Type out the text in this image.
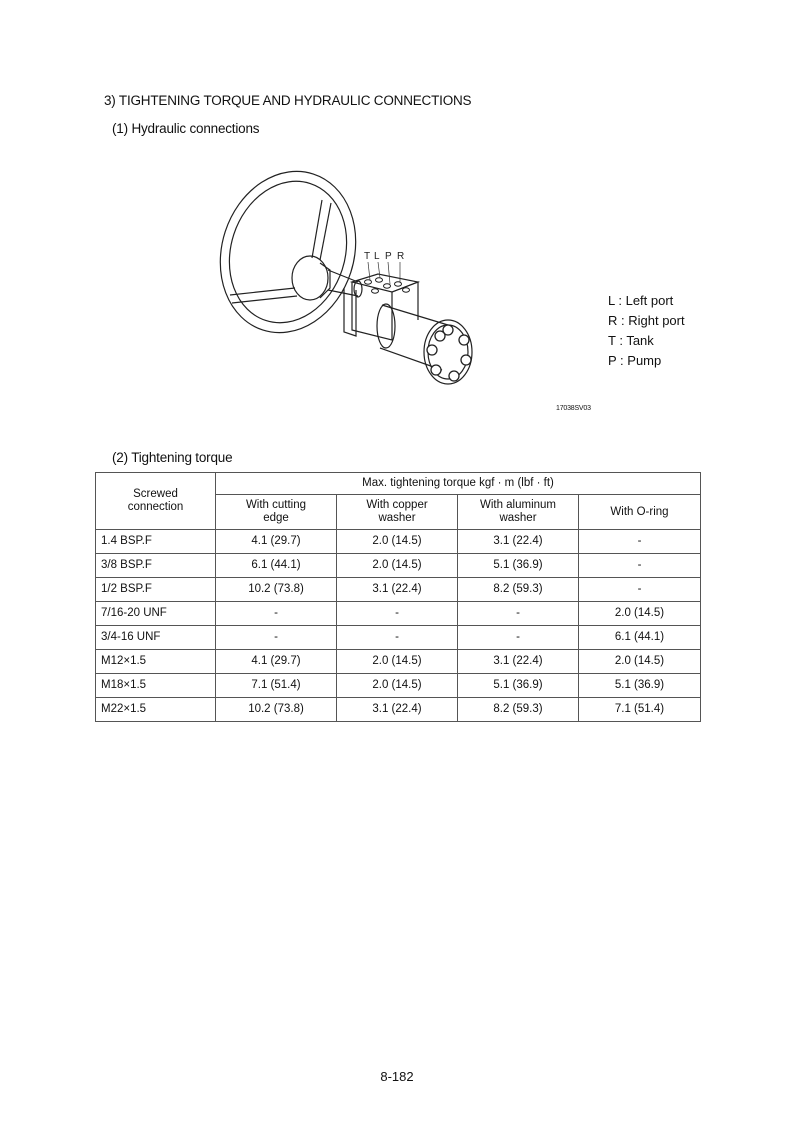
3) TIGHTENING TORQUE AND HYDRAULIC CONNECTIONS
(1) Hydraulic connections
T L P R
L : Left port
R : Right port
T : Tank
P : Pump
17038SV03
(2) Tightening torque
Screwed connection	Max. tightening torque kgf · m (lbf · ft)			
	With cutting edge	With copper washer	With aluminum washer	With O-ring
1.4 BSP.F	4.1 (29.7)	2.0 (14.5)	3.1 (22.4)	-
3/8 BSP.F	6.1 (44.1)	2.0 (14.5)	5.1 (36.9)	-
1/2 BSP.F	10.2 (73.8)	3.1 (22.4)	8.2 (59.3)	-
7/16-20 UNF	-	-	-	2.0 (14.5)
3/4-16 UNF	-	-	-	6.1 (44.1)
M12×1.5	4.1 (29.7)	2.0 (14.5)	3.1 (22.4)	2.0 (14.5)
M18×1.5	7.1 (51.4)	2.0 (14.5)	5.1 (36.9)	5.1 (36.9)
M22×1.5	10.2 (73.8)	3.1 (22.4)	8.2 (59.3)	7.1 (51.4)
8-182
